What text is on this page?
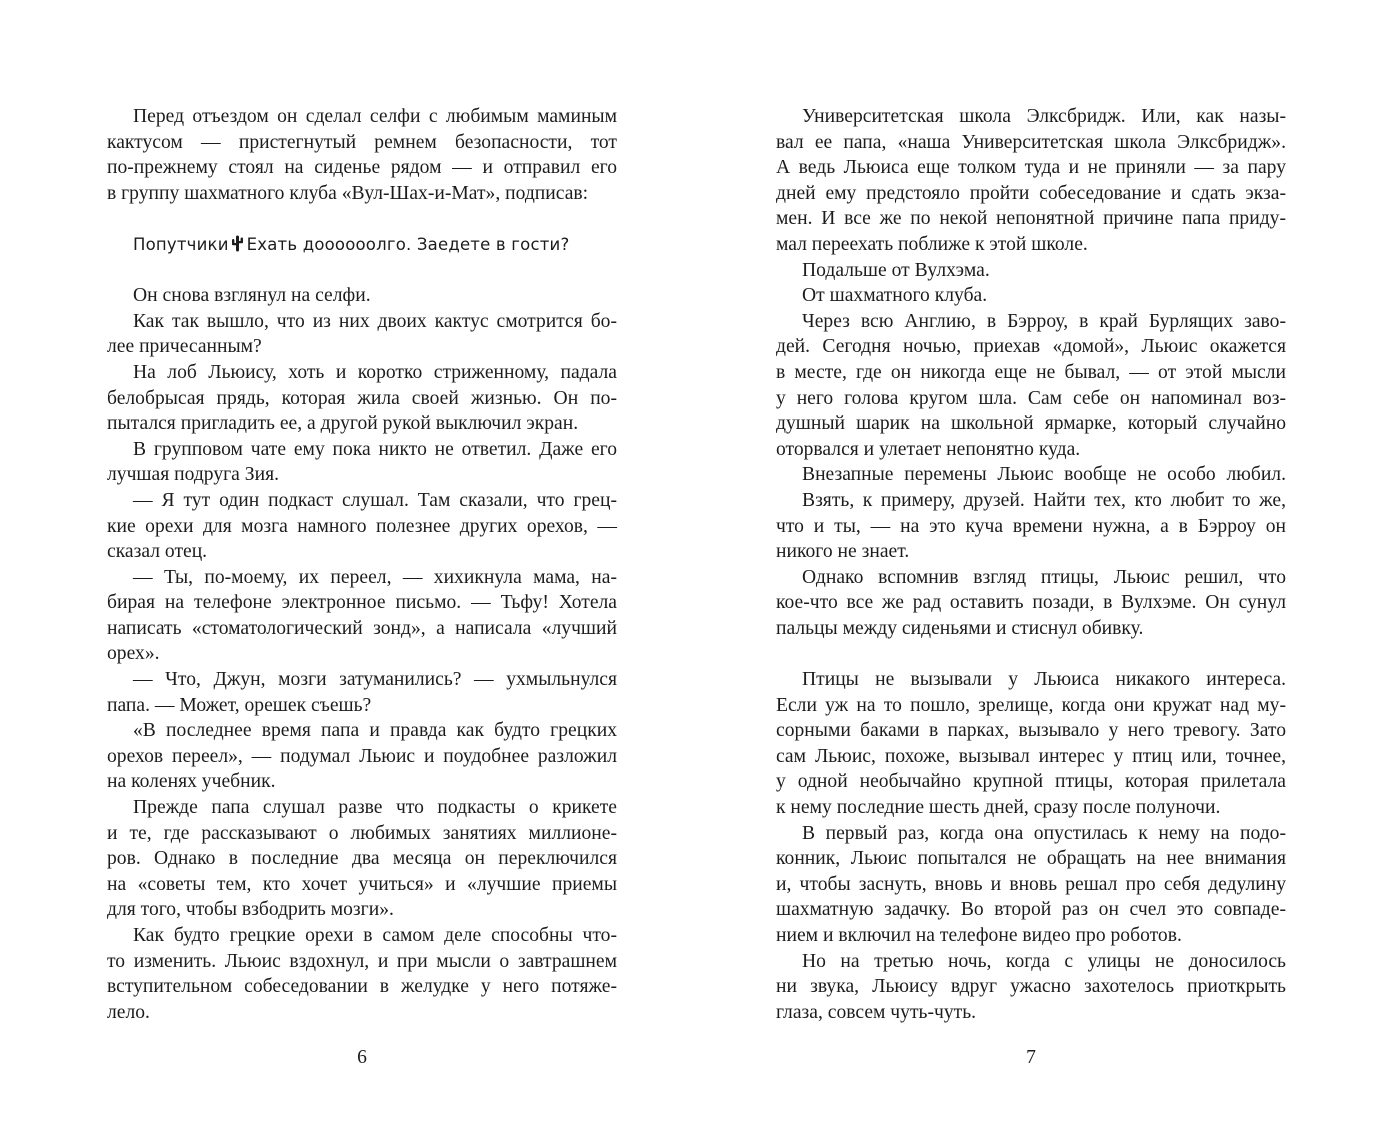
Перед отъездом он сделал селфи с любимым маминым
кактусом — пристегнутый ремнем безопасности, тот
по-прежнему стоял на сиденье рядом — и отправил его
в группу шахматного клуба «Вул-Шах-и-Мат», подписав:
Попутчики Ехать доооооолго. Заедете в гости?
Он снова взглянул на селфи.
Как так вышло, что из них двоих кактус смотрится бо-
лее причесанным?
На лоб Льюису, хоть и коротко стриженному, падала
белобрысая прядь, которая жила своей жизнью. Он по-
пытался пригладить ее, а другой рукой выключил экран.
В групповом чате ему пока никто не ответил. Даже его
лучшая подруга Зия.
— Я тут один подкаст слушал. Там сказали, что грец-
кие орехи для мозга намного полезнее других орехов, —
сказал отец.
— Ты, по-моему, их переел, — хихикнула мама, на-
бирая на телефоне электронное письмо. — Тьфу! Хотела
написать «стоматологический зонд», а написала «лучший
орех».
— Что, Джун, мозги затуманились? — ухмыльнулся
папа. — Может, орешек съешь?
«В последнее время папа и правда как будто грецких
орехов переел», — подумал Льюис и поудобнее разложил
на коленях учебник.
Прежде папа слушал разве что подкасты о крикете
и те, где рассказывают о любимых занятиях миллионе-
ров. Однако в последние два месяца он переключился
на «советы тем, кто хочет учиться» и «лучшие приемы
для того, чтобы взбодрить мозги».
Как будто грецкие орехи в самом деле способны что-
то изменить. Льюис вздохнул, и при мысли о завтрашнем
вступительном собеседовании в желудке у него потяже-
лело.
6
Университетская школа Элксбридж. Или, как назы-
вал ее папа, «наша Университетская школа Элксбридж».
А ведь Льюиса еще толком туда и не приняли — за пару
дней ему предстояло пройти собеседование и сдать экза-
мен. И все же по некой непонятной причине папа приду-
мал переехать поближе к этой школе.
Подальше от Вулхэма.
От шахматного клуба.
Через всю Англию, в Бэрроу, в край Бурлящих заво-
дей. Сегодня ночью, приехав «домой», Льюис окажется
в месте, где он никогда еще не бывал, — от этой мысли
у него голова кругом шла. Сам себе он напоминал воз-
душный шарик на школьной ярмарке, который случайно
оторвался и улетает непонятно куда.
Внезапные перемены Льюис вообще не особо любил.
Взять, к примеру, друзей. Найти тех, кто любит то же,
что и ты, — на это куча времени нужна, а в Бэрроу он
никого не знает.
Однако вспомнив взгляд птицы, Льюис решил, что
кое-что все же рад оставить позади, в Вулхэме. Он сунул
пальцы между сиденьями и стиснул обивку.
Птицы не вызывали у Льюиса никакого интереса.
Если уж на то пошло, зрелище, когда они кружат над му-
сорными баками в парках, вызывало у него тревогу. Зато
сам Льюис, похоже, вызывал интерес у птиц или, точнее,
у одной необычайно крупной птицы, которая прилетала
к нему последние шесть дней, сразу после полуночи.
В первый раз, когда она опустилась к нему на подо-
конник, Льюис попытался не обращать на нее внимания
и, чтобы заснуть, вновь и вновь решал про себя дедулину
шахматную задачку. Во второй раз он счел это совпаде-
нием и включил на телефоне видео про роботов.
Но на третью ночь, когда с улицы не доносилось
ни звука, Льюису вдруг ужасно захотелось приоткрыть
глаза, совсем чуть-чуть.
7
